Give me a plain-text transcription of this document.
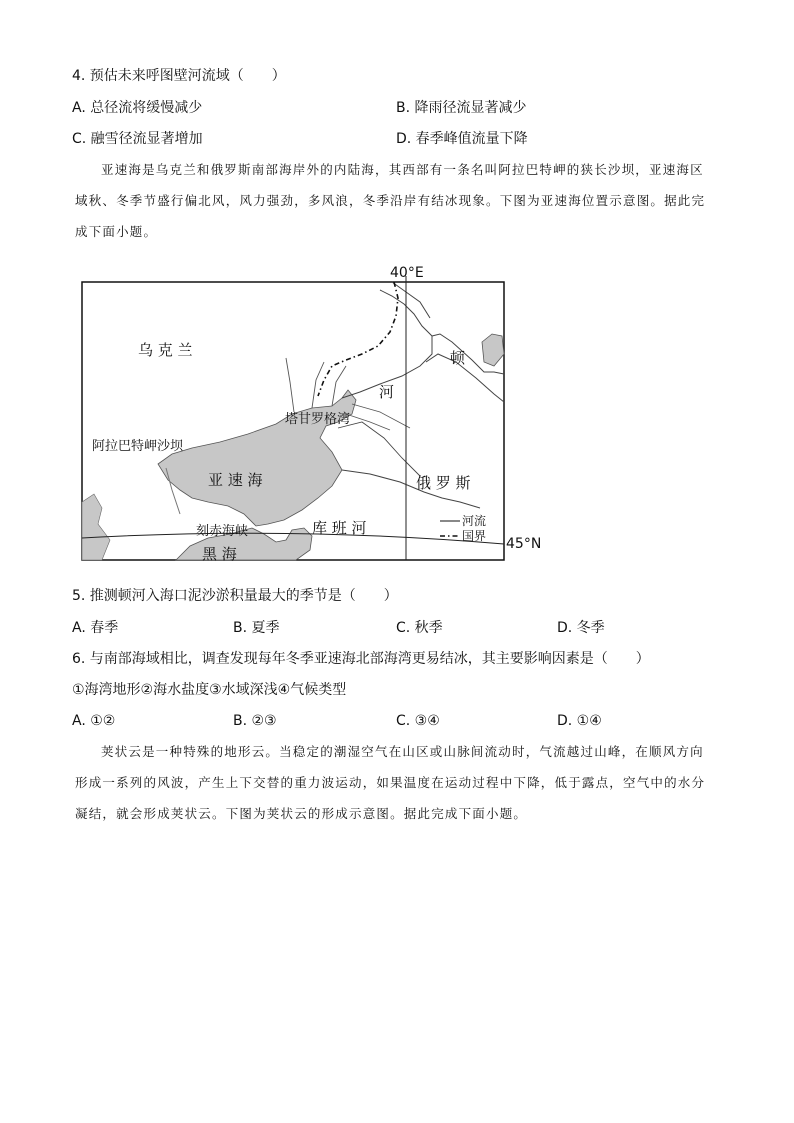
4. 预估未来呼图壁河流域（　　）
A. 总径流将缓慢减少	B. 降雨径流显著减少
C. 融雪径流显著增加	D. 春季峰值流量下降
亚速海是乌克兰和俄罗斯南部海岸外的内陆海，其西部有一条名叫阿拉巴特岬的狭长沙坝，亚速海区
域秋、冬季节盛行偏北风，风力强劲，多风浪，冬季沿岸有结冰现象。下图为亚速海位置示意图。据此完
成下面小题。
40°E
45°N
乌 克 兰
俄 罗 斯
亚 速 海
黑 海
顿
河
塔甘罗格湾
阿拉巴特岬沙坝
刻赤海峡	库 班 河	河流
国界
5. 推测顿河入海口泥沙淤积量最大的季节是（　　）
A. 春季	B. 夏季	C. 秋季	D. 冬季
6. 与南部海域相比，调查发现每年冬季亚速海北部海湾更易结冰，其主要影响因素是（　　）
①海湾地形②海水盐度③水域深浅④气候类型
A. ①②	B. ②③	C. ③④	D. ①④
荚状云是一种特殊的地形云。当稳定的潮湿空气在山区或山脉间流动时，气流越过山峰，在顺风方向
形成一系列的风波，产生上下交替的重力波运动，如果温度在运动过程中下降，低于露点，空气中的水分
凝结，就会形成荚状云。下图为荚状云的形成示意图。据此完成下面小题。
